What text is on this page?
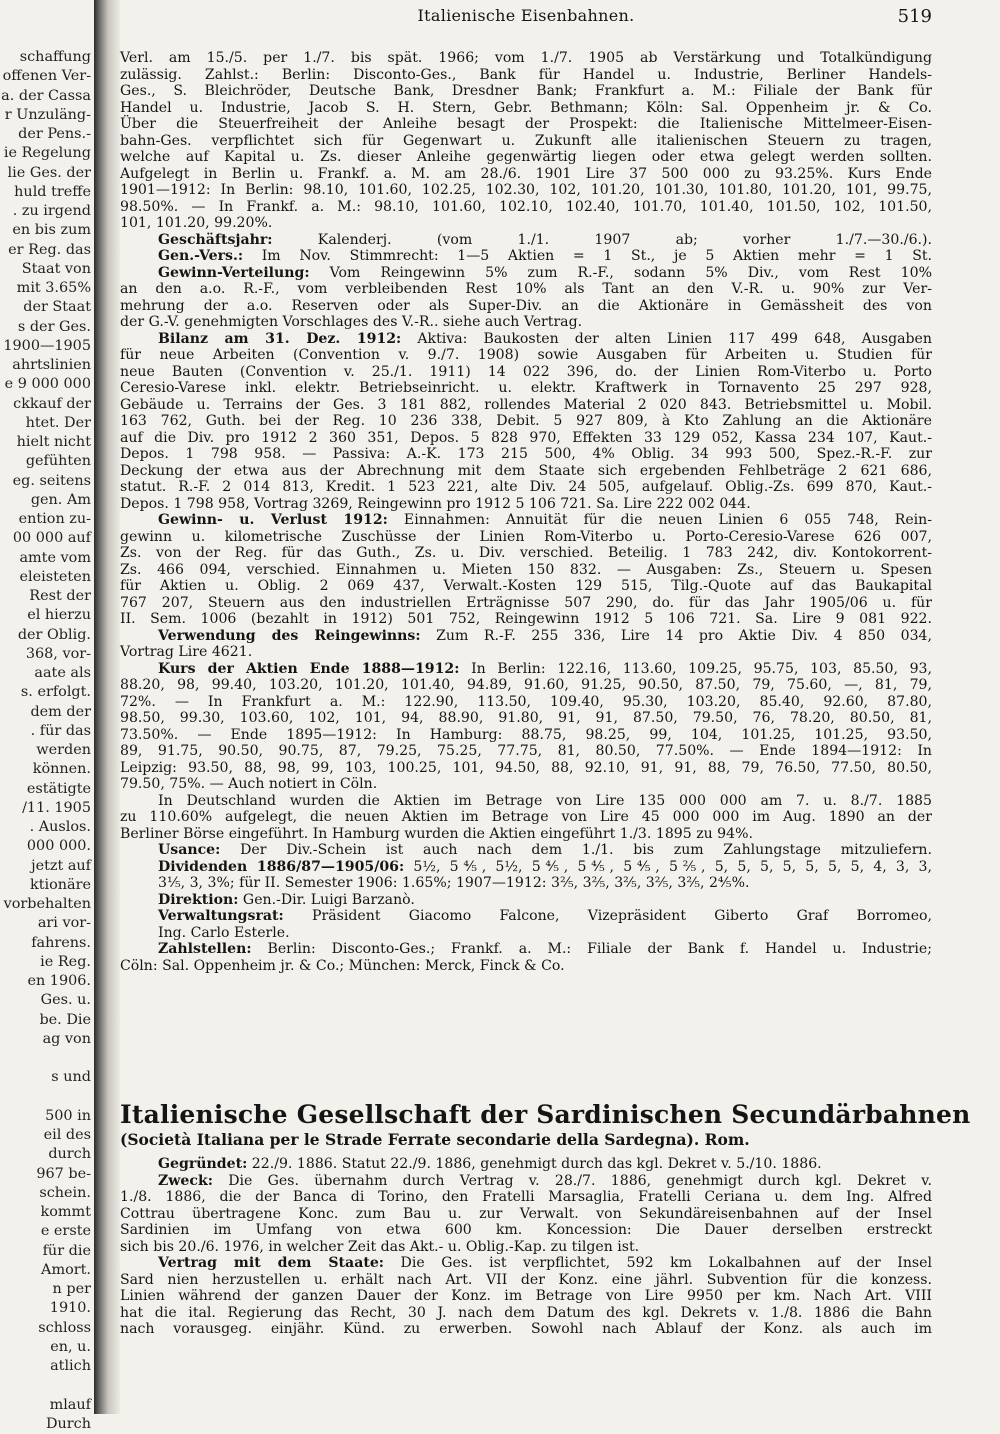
schaffung
offenen Ver-
a. der Cassa
r Unzuläng-
der Pens.-
ie Regelung
lie Ges. der
huld treffe
. zu irgend
en bis zum
er Reg. das
Staat von
mit 3.65%
der Staat
s der Ges.
1900—1905
ahrtslinien
e 9 000 000
ckkauf der
htet. Der
hielt nicht
gefühten
eg. seitens
gen. Am
ention zu-
00 000 auf
amte vom
eleisteten
Rest der
el hierzu
der Oblig.
368, vor-
aate als
s. erfolgt.
dem der
. für das
werden
können.
estätigte
/11. 1905
. Auslos.
000 000.
jetzt auf
ktionäre
vorbehalten
ari vor-
fahrens.
ie Reg.
en 1906.
Ges. u.
be. Die
ag von

s und

500 in
eil des
durch
967 be-
schein.
kommt
e erste
für die
Amort.
n per
1910.
schloss
en, u.
atlich

mlauf
Durch
Italienische Eisenbahnen.	519
Verl. am 15./5. per 1./7. bis spät. 1966; vom 1./7. 1905 ab Verstärkung und Totalkündigung
zulässig. Zahlst.: Berlin: Disconto-Ges., Bank für Handel u. Industrie, Berliner Handels-
Ges., S. Bleichröder, Deutsche Bank, Dresdner Bank; Frankfurt a. M.: Filiale der Bank für
Handel u. Industrie, Jacob S. H. Stern, Gebr. Bethmann; Köln: Sal. Oppenheim jr. & Co.
Über die Steuerfreiheit der Anleihe besagt der Prospekt: die Italienische Mittelmeer-Eisen-
bahn-Ges. verpflichtet sich für Gegenwart u. Zukunft alle italienischen Steuern zu tragen,
welche auf Kapital u. Zs. dieser Anleihe gegenwärtig liegen oder etwa gelegt werden sollten.
Aufgelegt in Berlin u. Frankf. a. M. am 28./6. 1901 Lire 37 500 000 zu 93.25%. Kurs Ende
1901—1912: In Berlin: 98.10, 101.60, 102.25, 102.30, 102, 101.20, 101.30, 101.80, 101.20, 101, 99.75,
98.50%. — In Frankf. a. M.: 98.10, 101.60, 102.10, 102.40, 101.70, 101.40, 101.50, 102, 101.50,
101, 101.20, 99.20%.
Geschäftsjahr: Kalenderj. (vom 1./1. 1907 ab; vorher 1./7.—30./6.).
Gen.-Vers.: Im Nov. Stimmrecht: 1—5 Aktien = 1 St., je 5 Aktien mehr = 1 St.
Gewinn-Verteilung: Vom Reingewinn 5% zum R.-F., sodann 5% Div., vom Rest 10%
an den a.o. R.-F., vom verbleibenden Rest 10% als Tant an den V.-R. u. 90% zur Ver-
mehrung der a.o. Reserven oder als Super-Div. an die Aktionäre in Gemässheit des von
der G.-V. genehmigten Vorschlages des V.-R.. siehe auch Vertrag.
Bilanz am 31. Dez. 1912: Aktiva: Baukosten der alten Linien 117 499 648, Ausgaben
für neue Arbeiten (Convention v. 9./7. 1908) sowie Ausgaben für Arbeiten u. Studien für
neue Bauten (Convention v. 25./1. 1911) 14 022 396, do. der Linien Rom-Viterbo u. Porto
Ceresio-Varese inkl. elektr. Betriebseinricht. u. elektr. Kraftwerk in Tornavento 25 297 928,
Gebäude u. Terrains der Ges. 3 181 882, rollendes Material 2 020 843. Betriebsmittel u. Mobil.
163 762, Guth. bei der Reg. 10 236 338, Debit. 5 927 809, à Kto Zahlung an die Aktionäre
auf die Div. pro 1912 2 360 351, Depos. 5 828 970, Effekten 33 129 052, Kassa 234 107, Kaut.-
Depos. 1 798 958. — Passiva: A.-K. 173 215 500, 4% Oblig. 34 993 500, Spez.-R.-F. zur
Deckung der etwa aus der Abrechnung mit dem Staate sich ergebenden Fehlbeträge 2 621 686,
statut. R.-F. 2 014 813, Kredit. 1 523 221, alte Div. 24 505, aufgelauf. Oblig.-Zs. 699 870, Kaut.-
Depos. 1 798 958, Vortrag 3269, Reingewinn pro 1912 5 106 721. Sa. Lire 222 002 044.
Gewinn- u. Verlust 1912: Einnahmen: Annuität für die neuen Linien 6 055 748, Rein-
gewinn u. kilometrische Zuschüsse der Linien Rom-Viterbo u. Porto-Ceresio-Varese 626 007,
Zs. von der Reg. für das Guth., Zs. u. Div. verschied. Beteilig. 1 783 242, div. Kontokorrent-
Zs. 466 094, verschied. Einnahmen u. Mieten 150 832. — Ausgaben: Zs., Steuern u. Spesen
für Aktien u. Oblig. 2 069 437, Verwalt.-Kosten 129 515, Tilg.-Quote auf das Baukapital
767 207, Steuern aus den industriellen Erträgnisse 507 290, do. für das Jahr 1905/06 u. für
II. Sem. 1006 (bezahlt in 1912) 501 752, Reingewinn 1912 5 106 721. Sa. Lire 9 081 922.
Verwendung des Reingewinns: Zum R.-F. 255 336, Lire 14 pro Aktie Div. 4 850 034,
Vortrag Lire 4621.
Kurs der Aktien Ende 1888—1912: In Berlin: 122.16, 113.60, 109.25, 95.75, 103, 85.50, 93,
88.20, 98, 99.40, 103.20, 101.20, 101.40, 94.89, 91.60, 91.25, 90.50, 87.50, 79, 75.60, —, 81, 79,
72%. — In Frankfurt a. M.: 122.90, 113.50, 109.40, 95.30, 103.20, 85.40, 92.60, 87.80,
98.50, 99.30, 103.60, 102, 101, 94, 88.90, 91.80, 91, 91, 87.50, 79.50, 76, 78.20, 80.50, 81,
73.50%. — Ende 1895—1912: In Hamburg: 88.75, 98.25, 99, 104, 101.25, 101.25, 93.50,
89, 91.75, 90.50, 90.75, 87, 79.25, 75.25, 77.75, 81, 80.50, 77.50%. — Ende 1894—1912: In
Leipzig: 93.50, 88, 98, 99, 103, 100.25, 101, 94.50, 88, 92.10, 91, 91, 88, 79, 76.50, 77.50, 80.50,
79.50, 75%. — Auch notiert in Cöln.
In Deutschland wurden die Aktien im Betrage von Lire 135 000 000 am 7. u. 8./7. 1885
zu 110.60% aufgelegt, die neuen Aktien im Betrage von Lire 45 000 000 im Aug. 1890 an der
Berliner Börse eingeführt. In Hamburg wurden die Aktien eingeführt 1./3. 1895 zu 94%.
Usance: Der Div.-Schein ist auch nach dem 1./1. bis zum Zahlungstage mitzuliefern.
Dividenden 1886/87—1905/06: 5½, 5⅘, 5½, 5⅘, 5⅘, 5⅘, 5⅖, 5, 5, 5, 5, 5, 5, 5, 4, 3, 3,
3⅕, 3, 3%; für II. Semester 1906: 1.65%; 1907—1912: 3⅖, 3⅖, 3⅖, 3⅖, 3⅖, 2⅘%.
Direktion: Gen.-Dir. Luigi Barzanò.
Verwaltungsrat: Präsident Giacomo Falcone, Vizepräsident Giberto Graf Borromeo,
Ing. Carlo Esterle.
Zahlstellen: Berlin: Disconto-Ges.; Frankf. a. M.: Filiale der Bank f. Handel u. Industrie;
Cöln: Sal. Oppenheim jr. & Co.; München: Merck, Finck & Co.
Italienische Gesellschaft der Sardinischen Secundärbahnen
(Società Italiana per le Strade Ferrate secondarie della Sardegna). Rom.
Gegründet: 22./9. 1886. Statut 22./9. 1886, genehmigt durch das kgl. Dekret v. 5./10. 1886.
Zweck: Die Ges. übernahm durch Vertrag v. 28./7. 1886, genehmigt durch kgl. Dekret v.
1./8. 1886, die der Banca di Torino, den Fratelli Marsaglia, Fratelli Ceriana u. dem Ing. Alfred
Cottrau übertragene Konc. zum Bau u. zur Verwalt. von Sekundäreisenbahnen auf der Insel
Sardinien im Umfang von etwa 600 km. Koncession: Die Dauer derselben erstreckt
sich bis 20./6. 1976, in welcher Zeit das Akt.- u. Oblig.-Kap. zu tilgen ist.
Vertrag mit dem Staate: Die Ges. ist verpflichtet, 592 km Lokalbahnen auf der Insel
Sard nien herzustellen u. erhält nach Art. VII der Konz. eine jährl. Subvention für die konzess.
Linien während der ganzen Dauer der Konz. im Betrage von Lire 9950 per km. Nach Art. VIII
hat die ital. Regierung das Recht, 30 J. nach dem Datum des kgl. Dekrets v. 1./8. 1886 die Bahn
nach vorausgeg. einjähr. Künd. zu erwerben. Sowohl nach Ablauf der Konz. als auch im
